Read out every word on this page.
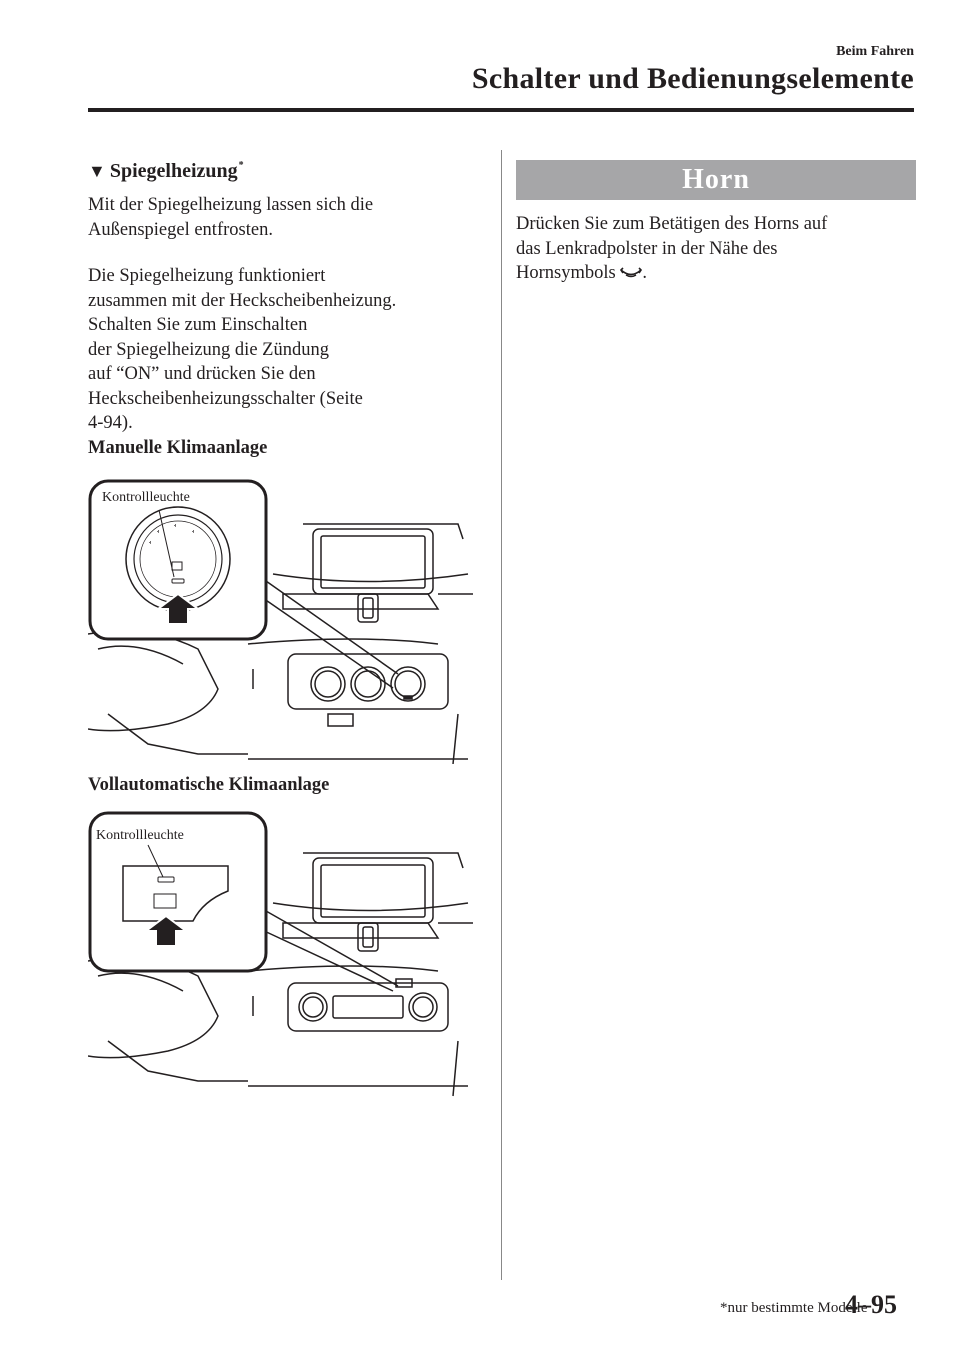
Beim Fahren
Schalter und Bedienungselemente
▼ Spiegelheizung*

Mit der Spiegelheizung lassen sich die

Außenspiegel entfrosten.

Die Spiegelheizung funktioniert

zusammen mit der Heckscheibenheizung.

Schalten Sie zum Einschalten

der Spiegelheizung die Zündung

auf “ON” und drücken Sie den

Heckscheibenheizungsschalter (Seite

4-94).

Manuelle Klimaanlage
Kontrollleuchte
Vollautomatische Klimaanlage
Kontrollleuchte
Horn

Drücken Sie zum Betätigen des Horns auf

das Lenkradpolster in der Nähe des

Hornsymbols .

*nur bestimmte Modelle
4–95
